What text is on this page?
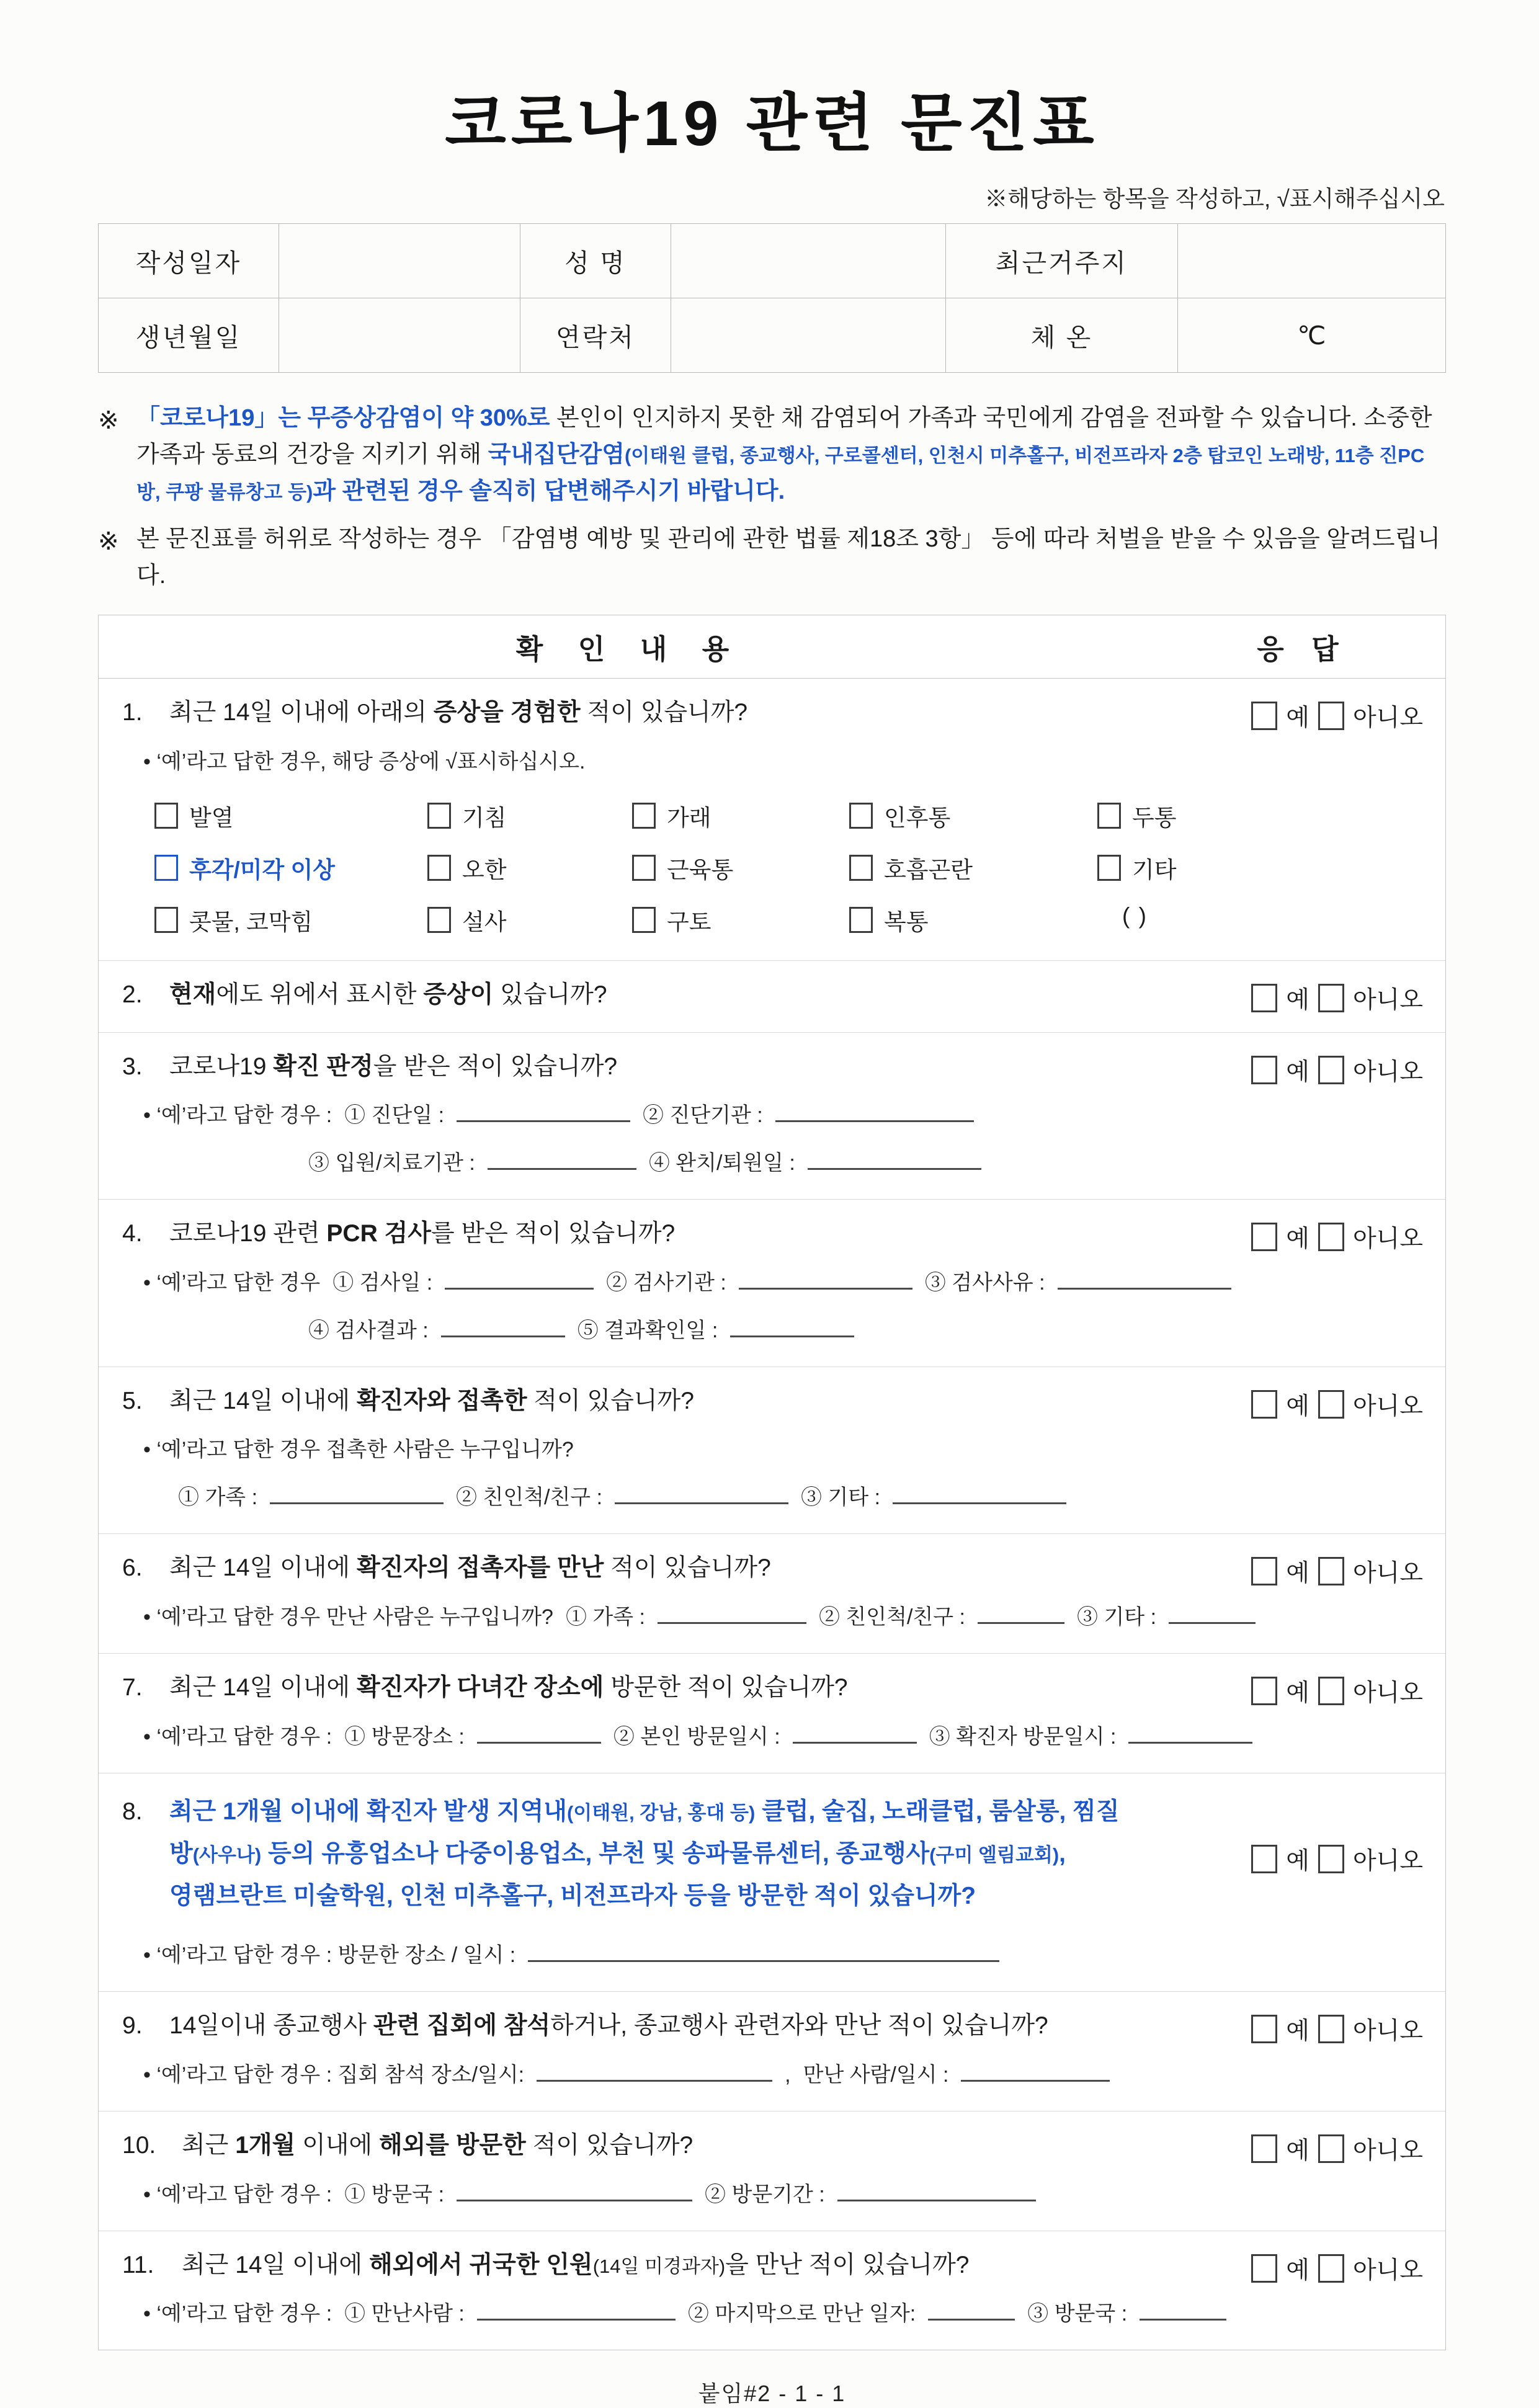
코로나19 관련 문진표
※해당하는 항목을 작성하고, √표시해주십시오
작성일자		성 명		최근거주지	
생년월일		연락처		체 온	℃
※ 「코로나19」는 무증상감염이 약 30%로 본인이 인지하지 못한 채 감염되어 가족과 국민에게 감염을 전파할 수 있습니다. 소중한 가족과 동료의 건강을 지키기 위해 국내집단감염(이태원 클럽, 종교행사, 구로콜센터, 인천시 미추홀구, 비전프라자 2층 탑코인 노래방, 11층 진PC방, 쿠팡 물류창고 등)과 관련된 경우 솔직히 답변해주시기 바랍니다.
※ 본 문진표를 허위로 작성하는 경우 「감염병 예방 및 관리에 관한 법률 제18조 3항」 등에 따라 처벌을 받을 수 있음을 알려드립니다.
확 인 내 용	응 답
1.	최근 14일 이내에 아래의 증상을 경험한 적이 있습니까?	예 아니오
• ‘예’라고 답한 경우, 해당 증상에 √표시하십시오.
발열	기침	가래	인후통	두통
후각/미각 이상	오한	근육통	호흡곤란	기타
콧물, 코막힘	설사	구토	복통	( )
2.	현재에도 위에서 표시한 증상이 있습니까?	예 아니오
3.	코로나19 확진 판정을 받은 적이 있습니까?	예 아니오
• ‘예’라고 답한 경우 : ① 진단일 :	② 진단기관 :
③ 입원/치료기관 :	④ 완치/퇴원일 :
4.	코로나19 관련 PCR 검사를 받은 적이 있습니까?	예 아니오
• ‘예’라고 답한 경우 ① 검사일 :	② 검사기관 :	③ 검사사유 :
④ 검사결과 :	⑤ 결과확인일 :
5.	최근 14일 이내에 확진자와 접촉한 적이 있습니까?	예 아니오
• ‘예’라고 답한 경우 접촉한 사람은 누구입니까?
① 가족 :	② 친인척/친구 :	③ 기타 :
6.	최근 14일 이내에 확진자의 접촉자를 만난 적이 있습니까?	예 아니오
• ‘예’라고 답한 경우 만난 사람은 누구입니까? ① 가족 :	② 친인척/친구 :	③ 기타 :
7.	최근 14일 이내에 확진자가 다녀간 장소에 방문한 적이 있습니까?	예 아니오
• ‘예’라고 답한 경우 : ① 방문장소 :	② 본인 방문일시 :	③ 확진자 방문일시 :
8.	최근 1개월 이내에 확진자 발생 지역내(이태원, 강남, 홍대 등) 클럽, 술집, 노래클럽, 룸살롱, 찜질방(사우나) 등의 유흥업소나 다중이용업소, 부천 및 송파물류센터, 종교행사(구미 엘림교회),
영램브란트 미술학원, 인천 미추홀구, 비전프라자 등을 방문한 적이 있습니까?
예 아니오
• ‘예’라고 답한 경우 : 방문한 장소 / 일시 :
9.	14일이내 종교행사 관련 집회에 참석하거나, 종교행사 관련자와 만난 적이 있습니까?	예 아니오
• ‘예’라고 답한 경우 : 집회 참석 장소/일시:	, 만난 사람/일시 :
10.	최근 1개월 이내에 해외를 방문한 적이 있습니까?	예 아니오
• ‘예’라고 답한 경우 : ① 방문국 :	② 방문기간 :
11.	최근 14일 이내에 해외에서 귀국한 인원(14일 미경과자)을 만난 적이 있습니까?	예 아니오
• ‘예’라고 답한 경우 : ① 만난사람 :	② 마지막으로 만난 일자:	③ 방문국 :
붙임#2 - 1 - 1
